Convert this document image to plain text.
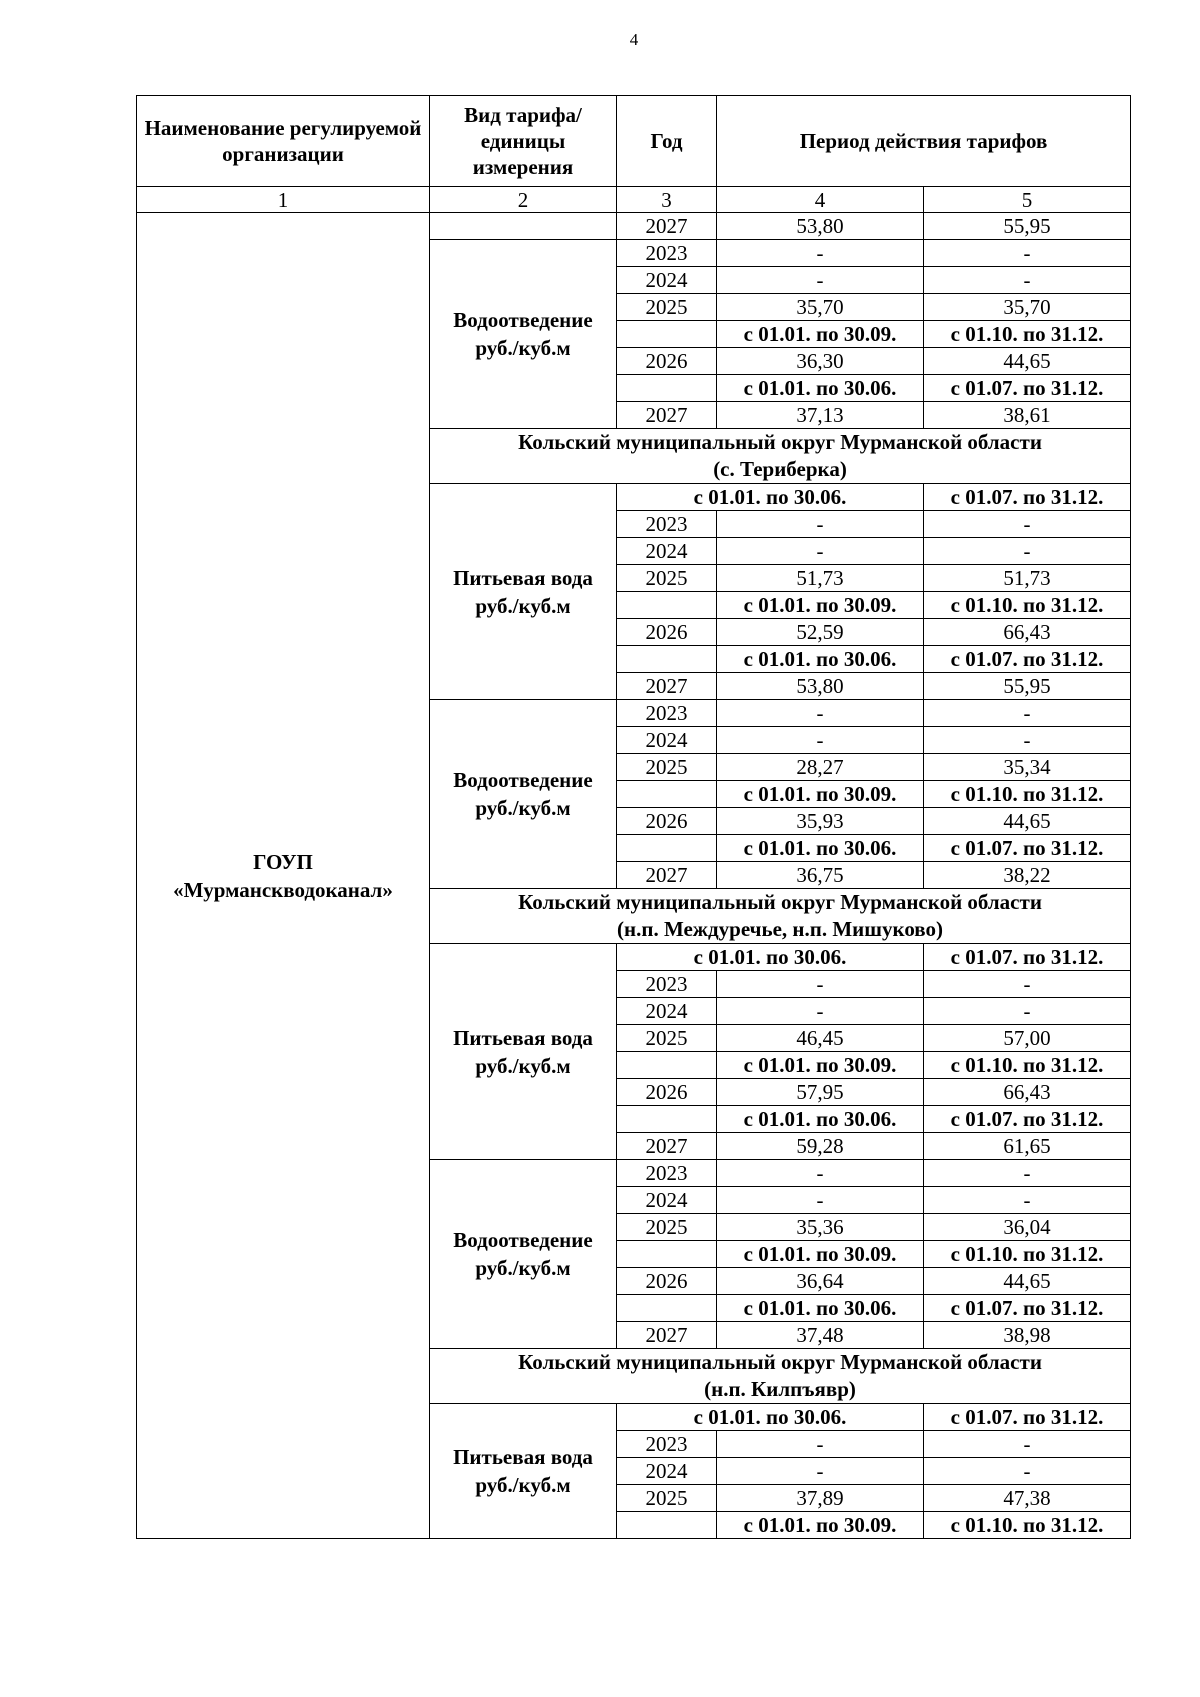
4
Наименование регулируемой организации	Вид тарифа/ единицы измерения	Год	Период действия тарифов	
1	2	3	4	5

ГОУП
«Мурманскводоканал»		2027	53,80	55,95

	Водоотведение
руб./куб.м	2023	-	-
		2024	-	-
		2025	35,70	35,70
			с 01.01. по 30.09.	с 01.10. по 31.12.
		2026	36,30	44,65
			с 01.01. по 30.06.	с 01.07. по 31.12.
		2027	37,13	38,61

	Кольский муниципальный округ Мурманской области
(с. Териберка)			

	Питьевая вода
руб./куб.м	с 01.01. по 30.06.		с 01.07. по 31.12.
		2023	-	-
		2024	-	-
		2025	51,73	51,73
			с 01.01. по 30.09.	с 01.10. по 31.12.
		2026	52,59	66,43
			с 01.01. по 30.06.	с 01.07. по 31.12.
		2027	53,80	55,95

	Водоотведение
руб./куб.м	2023	-	-
		2024	-	-
		2025	28,27	35,34
			с 01.01. по 30.09.	с 01.10. по 31.12.
		2026	35,93	44,65
			с 01.01. по 30.06.	с 01.07. по 31.12.
		2027	36,75	38,22

	Кольский муниципальный округ Мурманской области
(н.п. Междуречье, н.п. Мишуково)			

	Питьевая вода
руб./куб.м	с 01.01. по 30.06.		с 01.07. по 31.12.
		2023	-	-
		2024	-	-
		2025	46,45	57,00
			с 01.01. по 30.09.	с 01.10. по 31.12.
		2026	57,95	66,43
			с 01.01. по 30.06.	с 01.07. по 31.12.
		2027	59,28	61,65

	Водоотведение
руб./куб.м	2023	-	-
		2024	-	-
		2025	35,36	36,04
			с 01.01. по 30.09.	с 01.10. по 31.12.
		2026	36,64	44,65
			с 01.01. по 30.06.	с 01.07. по 31.12.
		2027	37,48	38,98

	Кольский муниципальный округ Мурманской области
(н.п. Килпъявр)			

	Питьевая вода
руб./куб.м	с 01.01. по 30.06.		с 01.07. по 31.12.
		2023	-	-
		2024	-	-
		2025	37,89	47,38
			с 01.01. по 30.09.	с 01.10. по 31.12.
